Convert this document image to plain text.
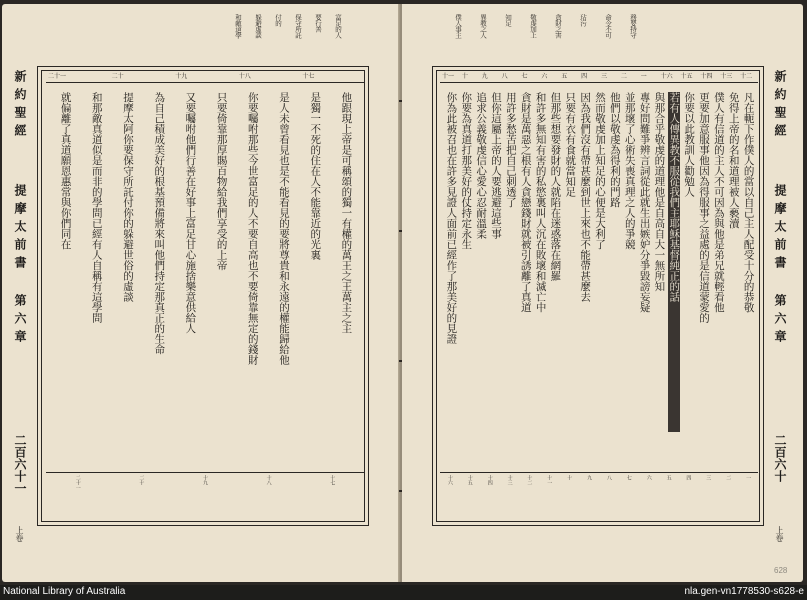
富足的人
要行善
保守所託
付的
躲避虛談
和敵道學
十七
十八
十九
二十
二十一
新約聖經
提摩太前書
第六章
二百六十一
上卷
他跟現上帝是可稱頌的獨一有權的萬王之王萬主之主
是獨一不死的住在人不能靠近的光裏
是人未曾看見也是不能看見的要將尊貴和永遠的權能歸給他
你要囑咐那些今世富足的人不要自高也不要倚靠無定的錢財
只要倚靠那厚賜百物給我們享受的上帝
又要囑咐他們行善在好事上富足甘心施捨樂意供給人
為自己積成美好的根基預備將來叫他們持定那真正的生命
提摩太阿你要保守所託付你的躲避世俗的虛談
和那敵真道似是而非的學問已經有人自稱有這學問
就偏離了真道願恩惠常與你們同在
十七
十八
十九
二十
二十一
務要持守
命令不可
玷污
貪財之害
敬虔加上
知足
異教之人
僕人事主
十二
十三
十四
十五
十六
一
二
三
四
五
六
七
八
九
十
十一	新約聖經
提摩太前書
第六章
二百六十
上卷
凡在軛下作僕人的當以自己主人配受十分的恭敬
免得上帝的名和道理被人褻瀆
僕人有信道的主人不可因為與他是弟兄就輕看他
更要加意服事他因為得服事之益處的是信道蒙愛的
你要以此教訓人勸勉人
若有人傳異教不服從我們主耶穌基督純正的話
與那合乎敬虔的道理他是自高自大一無所知
專好問難爭辨言詞從此就生出嫉妒分爭毀謗妄疑
並那壞了心術失喪真理之人的爭競
他們以敬虔為得利的門路
然而敬虔加上知足的心便是大利了
因為我們沒有帶甚麼到世上來也不能帶甚麼去
只要有衣有食就當知足
但那些想要發財的人就陷在迷惑落在網羅
和許多無知有害的私慾裏叫人沉在敗壞和滅亡中
貪財是萬惡之根有人貪戀錢財就被引誘離了真道
用許多愁苦把自己刺透了
但你這屬上帝的人要逃避這些事
追求公義敬虔信心愛心忍耐溫柔
你要為真道打那美好的仗持定永生
你為此被召也在許多見證人面前已經作了那美好的見證
一
二
三
四
五
六
七
八
九
十
十一
十二
十三
十四
十五
十六
628
National Library of Australia	nla.gen-vn1778530-s628-e
